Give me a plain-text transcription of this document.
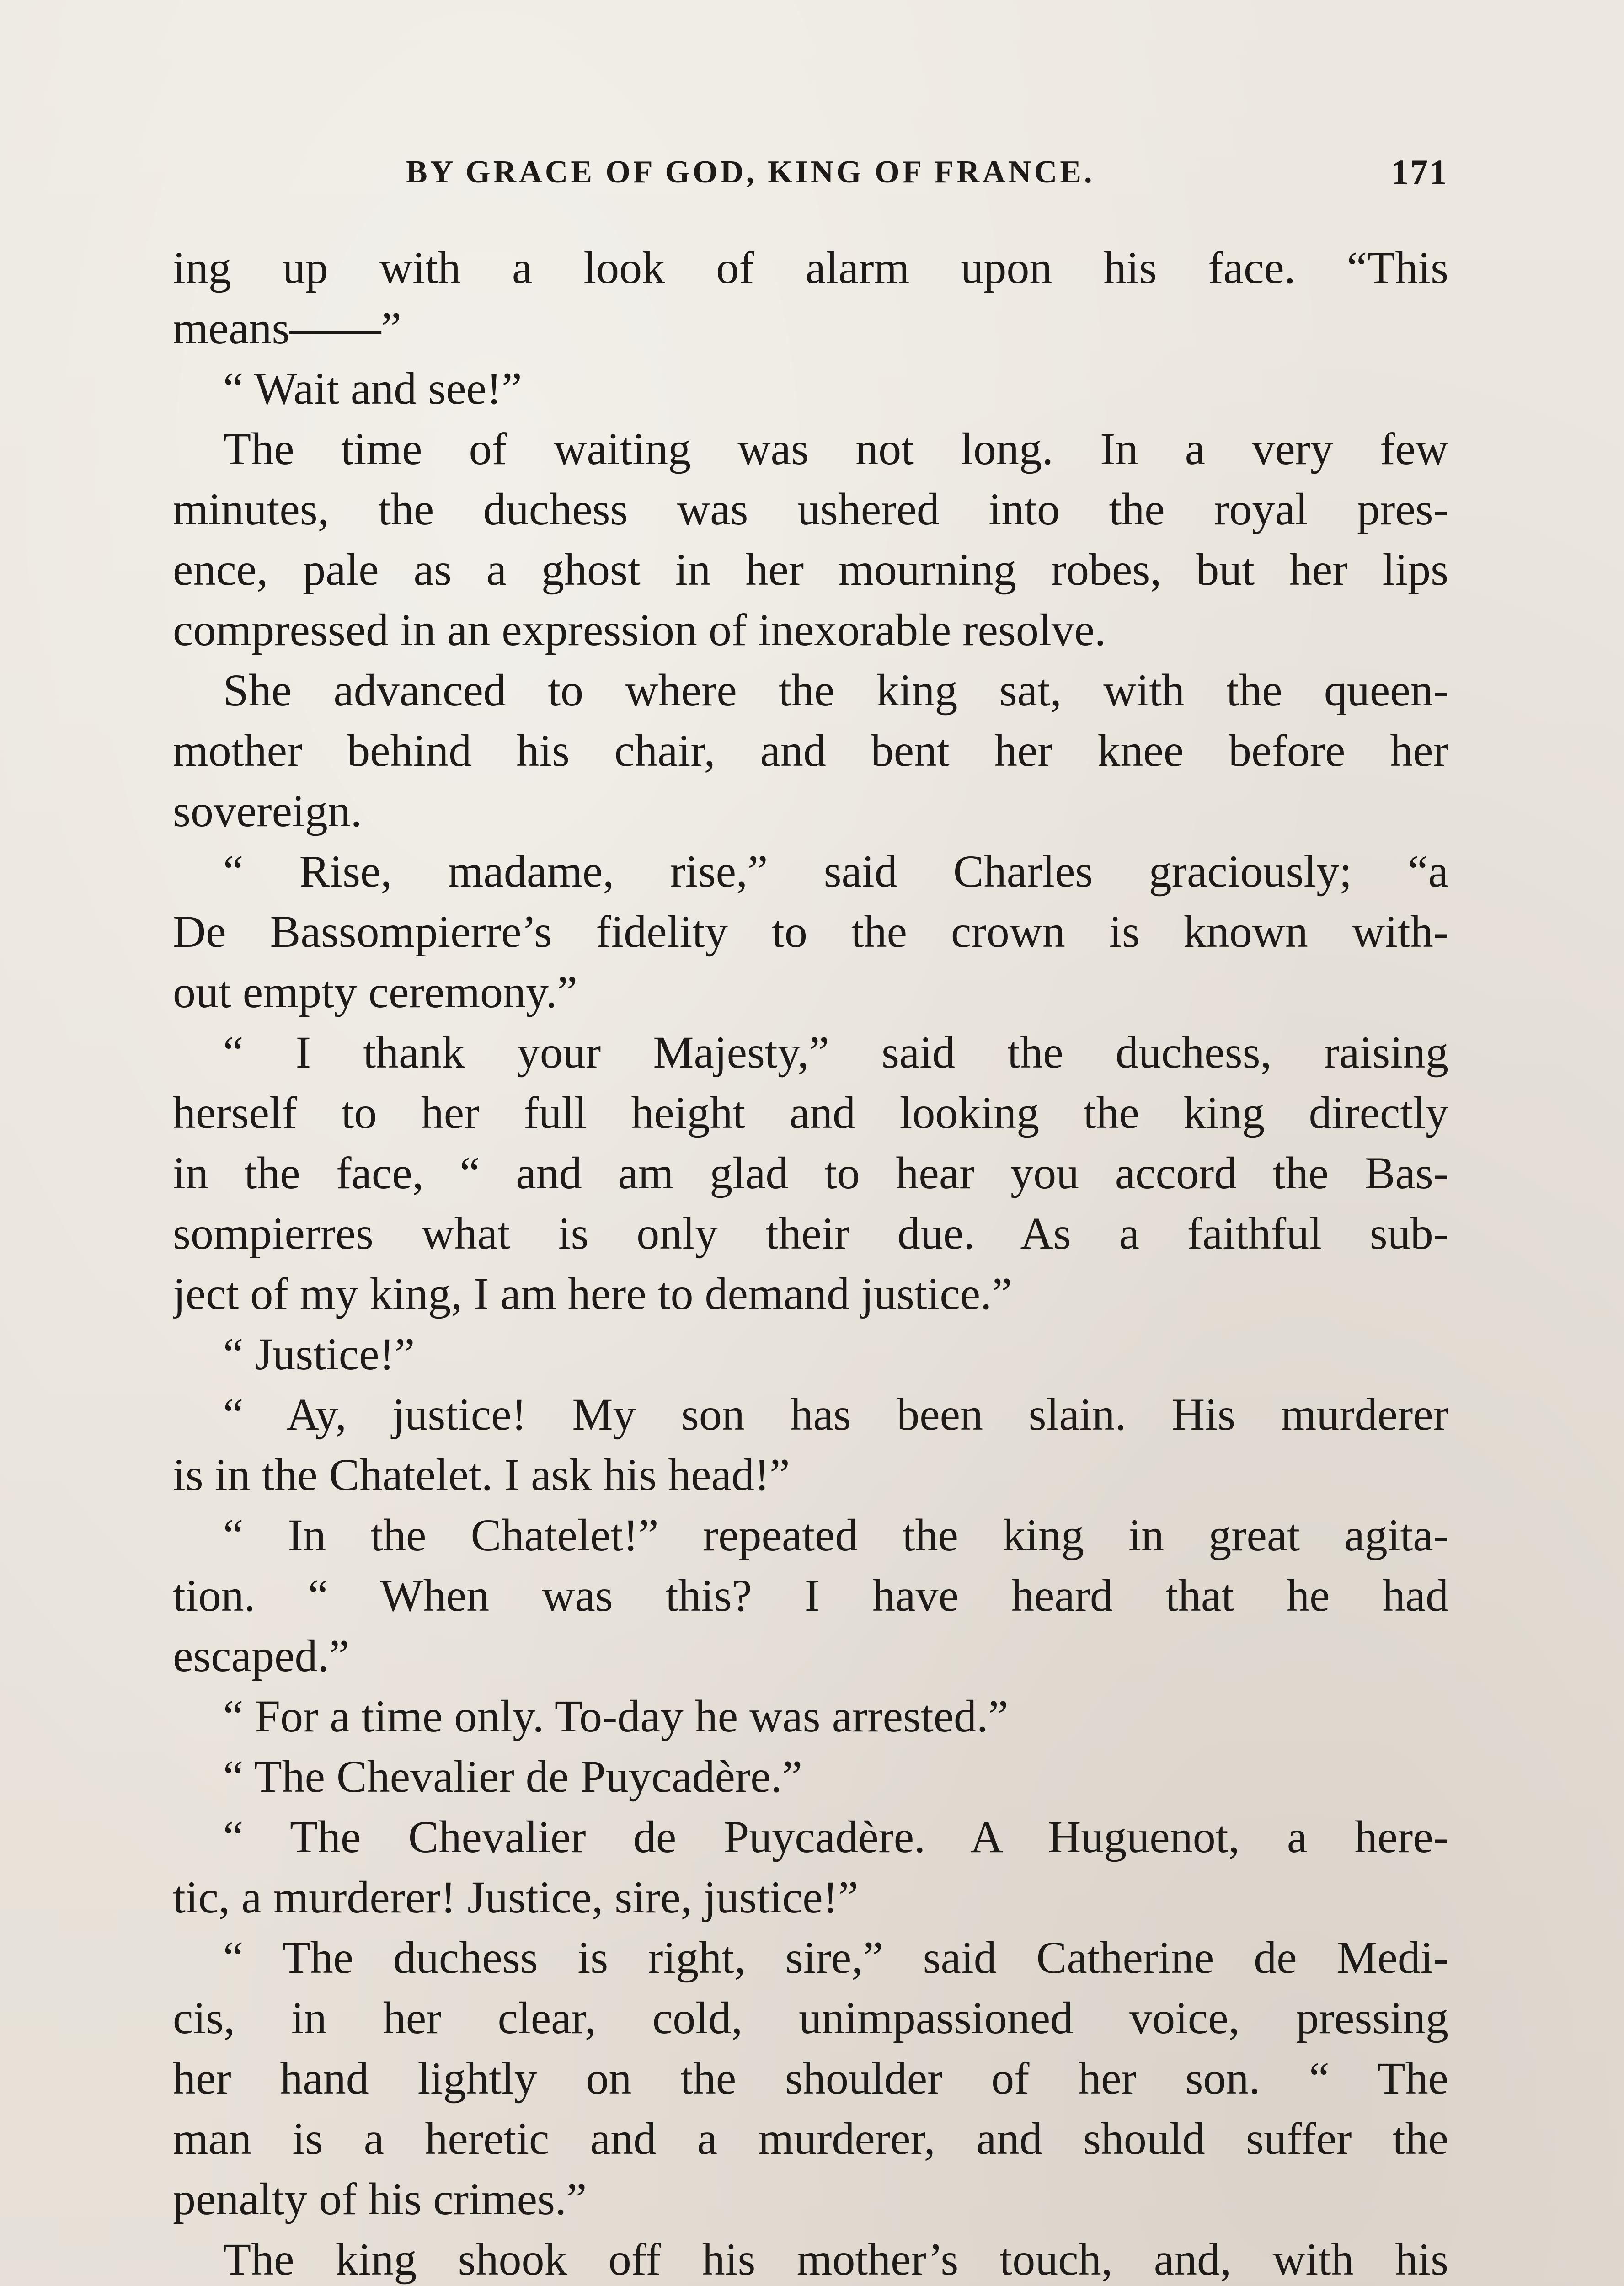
BY GRACE OF GOD, KING OF FRANCE.	171
ing up with a look of alarm upon his face. “This
means——”
“ Wait and see!”
The time of waiting was not long. In a very few
minutes, the duchess was ushered into the royal pres-
ence, pale as a ghost in her mourning robes, but her lips
compressed in an expression of inexorable resolve.
She advanced to where the king sat, with the queen-
mother behind his chair, and bent her knee before her
sovereign.
“ Rise, madame, rise,” said Charles graciously; “a
De Bassompierre’s fidelity to the crown is known with-
out empty ceremony.”
“ I thank your Majesty,” said the duchess, raising
herself to her full height and looking the king directly
in the face, “ and am glad to hear you accord the Bas-
sompierres what is only their due. As a faithful sub-
ject of my king, I am here to demand justice.”
“ Justice!”
“ Ay, justice! My son has been slain. His murderer
is in the Chatelet. I ask his head!”
“ In the Chatelet!” repeated the king in great agita-
tion. “ When was this? I have heard that he had
escaped.”
“ For a time only. To-day he was arrested.”
“ The Chevalier de Puycadère.”
“ The Chevalier de Puycadère. A Huguenot, a here-
tic, a murderer! Justice, sire, justice!”
“ The duchess is right, sire,” said Catherine de Medi-
cis, in her clear, cold, unimpassioned voice, pressing
her hand lightly on the shoulder of her son. “ The
man is a heretic and a murderer, and should suffer the
penalty of his crimes.”
The king shook off his mother’s touch, and, with his
